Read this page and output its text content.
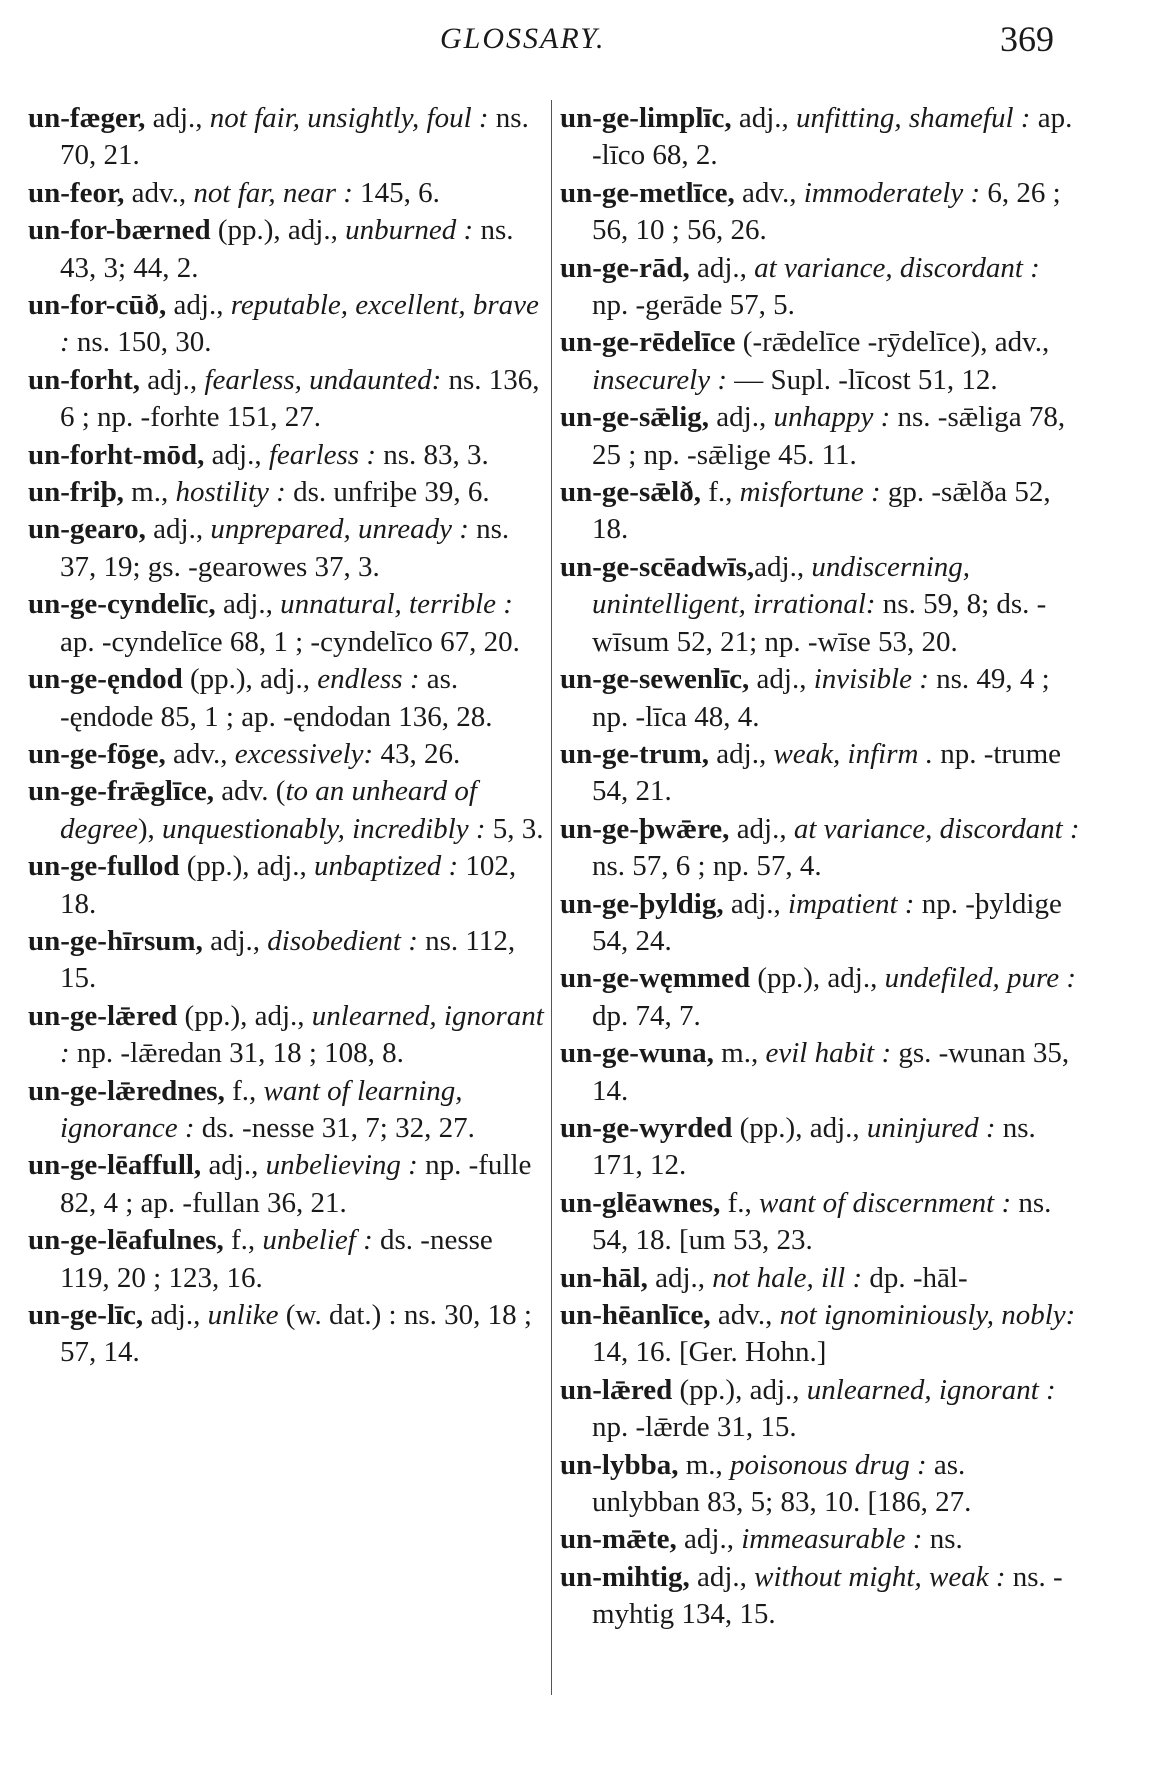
GLOSSARY.	369

un-fæger, adj., not fair, unsightly, foul : ns. 70, 21.

un-feor, adv., not far, near : 145, 6.

un-for-bærned (pp.), adj., unburned : ns. 43, 3; 44, 2.

un-for-cūð, adj., reputable, excellent, brave : ns. 150, 30.

un-forht, adj., fearless, undaunted: ns. 136, 6 ; np. -forhte 151, 27.

un-forht-mōd, adj., fearless : ns. 83, 3.

un-friþ, m., hostility : ds. unfriþe 39, 6.

un-gearo, adj., unprepared, unready : ns. 37, 19; gs. -gearowes 37, 3.

un-ge-cyndelīc, adj., unnatural, terrible : ap. -cyndelīce 68, 1 ; -cyndelīco 67, 20.

un-ge-ęndod (pp.), adj., endless : as. -ęndode 85, 1 ; ap. -ęndodan 136, 28.

un-ge-fōge, adv., excessively: 43, 26.

un-ge-frǣglīce, adv. (to an unheard of degree), unquestionably, incredibly : 5, 3.

un-ge-fullod (pp.), adj., unbaptized : 102, 18.

un-ge-hīrsum, adj., disobedient : ns. 112, 15.

un-ge-lǣred (pp.), adj., unlearned, ignorant : np. -lǣredan 31, 18 ; 108, 8.

un-ge-lǣrednes, f., want of learning, ignorance : ds. -nesse 31, 7; 32, 27.

un-ge-lēaffull, adj., unbelieving : np. -fulle 82, 4 ; ap. -fullan 36, 21.

un-ge-lēafulnes, f., unbelief : ds. -nesse 119, 20 ; 123, 16.

un-ge-līc, adj., unlike (w. dat.) : ns. 30, 18 ; 57, 14.

un-ge-limplīc, adj., unfitting, shameful : ap. -līco 68, 2.

un-ge-metlīce, adv., immoderately : 6, 26 ; 56, 10 ; 56, 26.

un-ge-rād, adj., at variance, discordant : np. -gerāde 57, 5.

un-ge-rēdelīce (-rǣdelīce -rȳdelīce), adv., insecurely : — Supl. -līcost 51, 12.

un-ge-sǣlig, adj., unhappy : ns. -sǣliga 78, 25 ; np. -sǣlige 45. 11.

un-ge-sǣlð, f., misfortune : gp. -sǣlða 52, 18.

un-ge-scēadwīs,adj., undiscerning, unintelligent, irrational: ns. 59, 8; ds. -wīsum 52, 21; np. -wīse 53, 20.

un-ge-sewenlīc, adj., invisible : ns. 49, 4 ; np. -līca 48, 4.

un-ge-trum, adj., weak, infirm . np. -trume 54, 21.

un-ge-þwǣre, adj., at variance, discordant : ns. 57, 6 ; np. 57, 4.

un-ge-þyldig, adj., impatient : np. -þyldige 54, 24.

un-ge-węmmed (pp.), adj., undefiled, pure : dp. 74, 7.

un-ge-wuna, m., evil habit : gs. -wunan 35, 14.

un-ge-wyrded (pp.), adj., uninjured : ns. 171, 12.

un-glēawnes, f., want of discernment : ns. 54, 18. [um 53, 23.

un-hāl, adj., not hale, ill : dp. -hāl-

un-hēanlīce, adv., not ignominiously, nobly: 14, 16. [Ger. Hohn.]

un-lǣred (pp.), adj., unlearned, ignorant : np. -lǣrde 31, 15.

un-lybba, m., poisonous drug : as. unlybban 83, 5; 83, 10. [186, 27.

un-mǣte, adj., immeasurable : ns.

un-mihtig, adj., without might, weak : ns. -myhtig 134, 15.
